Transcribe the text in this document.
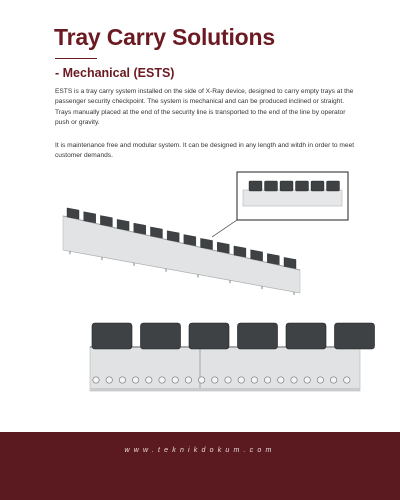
Tray Carry Solutions
- Mechanical (ESTS)

ESTS is a tray carry system installed on the side of X-Ray device, designed to carry empty trays at the passenger security checkpoint. The system is mechanical and can be produced inclined or straight. Trays manually placed at the end of the security line is transported to the end of the line by operator push or gravity.

It is maintenance free and modular system. It can be designed in any length and witdh in order to meet customer demands.

www.teknikdokum.com
